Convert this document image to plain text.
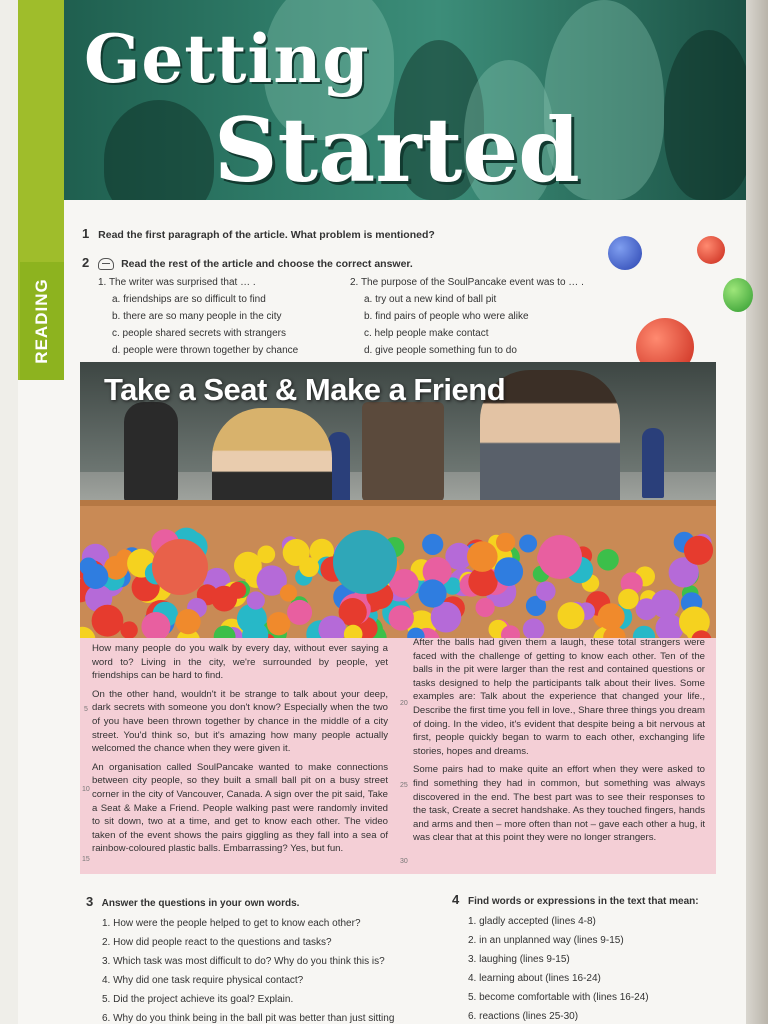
READING
Getting
Started
1 Read the first paragraph of the article. What problem is mentioned?
2	Read the rest of the article and choose the correct answer.
1. The writer was surprised that … .
a. friendships are so difficult to find
b. there are so many people in the city
c. people shared secrets with strangers
d. people were thrown together by chance
2. The purpose of the SoulPancake event was to … .
a. try out a new kind of ball pit
b. find pairs of people who were alike
c. help people make contact
d. give people something fun to do
Take a Seat & Make a Friend

How many people do you walk by every day, without ever saying a word to? Living in the city, we're surrounded by people, yet friendships can be hard to find.

On the other hand, wouldn't it be strange to talk about your deep, dark secrets with someone you don't know? Especially when the two of you have been thrown together by chance in the middle of a city street. You'd think so, but it's amazing how many people actually welcomed the chance when they were given it.

An organisation called SoulPancake wanted to make connections between city people, so they built a small ball pit on a busy street corner in the city of Vancouver, Canada. A sign over the pit said, Take a Seat & Make a Friend. People walking past were randomly invited to sit down, two at a time, and get to know each other. The video taken of the event shows the pairs giggling as they fall into a sea of rainbow-coloured plastic balls. Embarrassing? Yes, but fun.

After the balls had given them a laugh, these total strangers were faced with the challenge of getting to know each other. Ten of the balls in the pit were larger than the rest and contained questions or tasks designed to help the participants talk about their lives. Some examples are: Talk about the experience that changed your life., Describe the first time you fell in love., Share three things you dream of doing. In the video, it's evident that despite being a bit nervous at first, people quickly began to warm to each other, exchanging life stories, hopes and dreams.

Some pairs had to make quite an effort when they were asked to find something they had in common, but something was always discovered in the end. The best part was to see their responses to the task, Create a secret handshake. As they touched fingers, hands and arms and then – more often than not – gave each other a hug, it was clear that at this point they were no longer strangers.

5
10
15
20
25
30
3 Answer the questions in your own words.
1. How were the people helped to get to know each other?
2. How did people react to the questions and tasks?
3. Which task was most difficult to do? Why do you think this is?
4. Why did one task require physical contact?
5. Did the project achieve its goal? Explain.
6. Why do you think being in the ball pit was better than just sitting
4 Find words or expressions in the text that mean:
1. gladly accepted (lines 4-8)
2. in an unplanned way (lines 9-15)
3. laughing (lines 9-15)
4. learning about (lines 16-24)
5. become comfortable with (lines 16-24)
6. reactions (lines 25-30)
